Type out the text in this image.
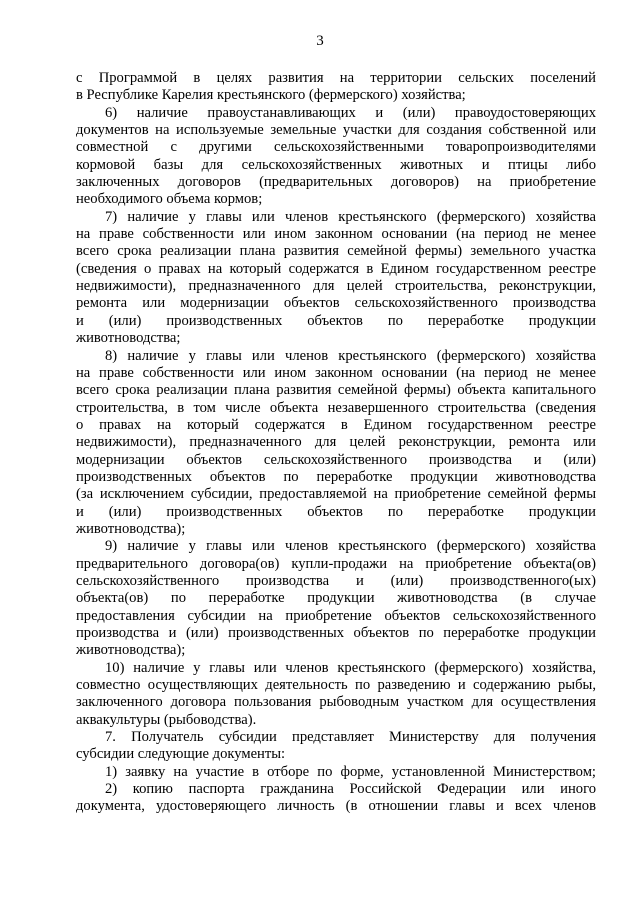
3
с Программой в целях развития на территории сельских поселений
в Республике Карелия крестьянского (фермерского) хозяйства;
6) наличие правоустанавливающих и (или) правоудостоверяющих
документов на используемые земельные участки для создания собственной или
совместной с другими сельскохозяйственными товаропроизводителями
кормовой базы для сельскохозяйственных животных и птицы либо
заключенных договоров (предварительных договоров) на приобретение
необходимого объема кормов;
7) наличие у главы или членов крестьянского (фермерского) хозяйства
на праве собственности или ином законном основании (на период не менее
всего срока реализации плана развития семейной фермы) земельного участка
(сведения о правах на который содержатся в Едином государственном реестре
недвижимости), предназначенного для целей строительства, реконструкции,
ремонта или модернизации объектов сельскохозяйственного производства
и (или) производственных объектов по переработке продукции
животноводства;
8) наличие у главы или членов крестьянского (фермерского) хозяйства
на праве собственности или ином законном основании (на период не менее
всего срока реализации плана развития семейной фермы) объекта капитального
строительства, в том числе объекта незавершенного строительства (сведения
о правах на который содержатся в Едином государственном реестре
недвижимости), предназначенного для целей реконструкции, ремонта или
модернизации объектов сельскохозяйственного производства и (или)
производственных объектов по переработке продукции животноводства
(за исключением субсидии, предоставляемой на приобретение семейной фермы
и (или) производственных объектов по переработке продукции
животноводства);
9) наличие у главы или членов крестьянского (фермерского) хозяйства
предварительного договора(ов) купли-продажи на приобретение объекта(ов)
сельскохозяйственного производства и (или) производственного(ых)
объекта(ов) по переработке продукции животноводства (в случае
предоставления субсидии на приобретение объектов сельскохозяйственного
производства и (или) производственных объектов по переработке продукции
животноводства);
10) наличие у главы или членов крестьянского (фермерского) хозяйства,
совместно осуществляющих деятельность по разведению и содержанию рыбы,
заключенного договора пользования рыбоводным участком для осуществления
аквакультуры (рыбоводства).
7. Получатель субсидии представляет Министерству для получения
субсидии следующие документы:
1) заявку на участие в отборе по форме, установленной Министерством;
2) копию паспорта гражданина Российской Федерации или иного
документа, удостоверяющего личность (в отношении главы и всех членов
